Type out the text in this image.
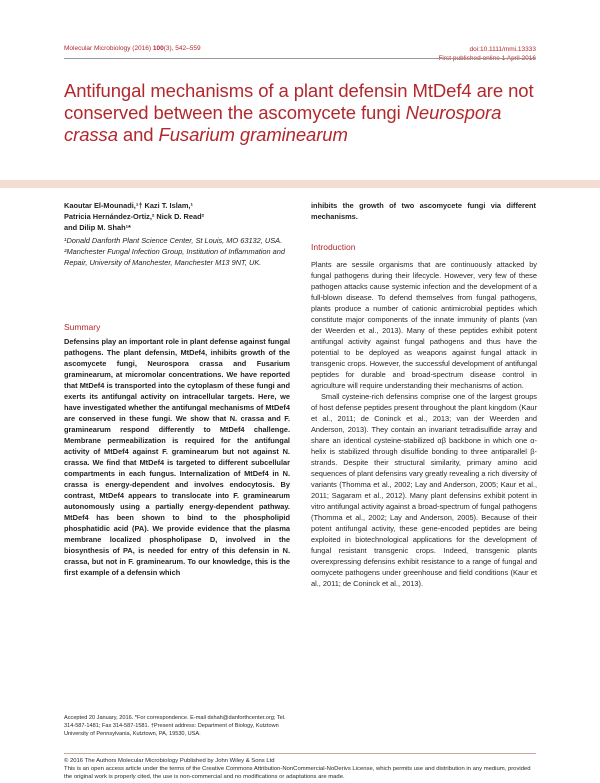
Molecular Microbiology (2016) 100(3), 542–559	doi:10.1111/mmi.13333
First published online 1 April 2016
Antifungal mechanisms of a plant defensin MtDef4 are not conserved between the ascomycete fungi Neurospora crassa and Fusarium graminearum
Kaoutar El-Mounadi,¹† Kazi T. Islam,¹
Patricia Hernández-Ortiz,² Nick D. Read²
and Dilip M. Shah¹*

¹Donald Danforth Plant Science Center, St Louis, MO 63132, USA.

²Manchester Fungal Infection Group, Institution of Inflammation and Repair, University of Manchester, Manchester M13 9NT, UK.

Summary
Defensins play an important role in plant defense against fungal pathogens. The plant defensin, MtDef4, inhibits growth of the ascomycete fungi, Neurospora crassa and Fusarium graminearum, at micromolar concentrations. We have reported that MtDef4 is transported into the cytoplasm of these fungi and exerts its antifungal activity on intracellular targets. Here, we have investigated whether the antifungal mechanisms of MtDef4 are conserved in these fungi. We show that N. crassa and F. graminearum respond differently to MtDef4 challenge. Membrane permeabilization is required for the antifungal activity of MtDef4 against F. graminearum but not against N. crassa. We find that MtDef4 is targeted to different subcellular compartments in each fungus. Internalization of MtDef4 in N. crassa is energy-dependent and involves endocytosis. By contrast, MtDef4 appears to translocate into F. graminearum autonomously using a partially energy-dependent pathway. MtDef4 has been shown to bind to the phospholipid phosphatidic acid (PA). We provide evidence that the plasma membrane localized phospholipase D, involved in the biosynthesis of PA, is needed for entry of this defensin in N. crassa, but not in F. graminearum. To our knowledge, this is the first example of a defensin which
inhibits the growth of two ascomycete fungi via different mechanisms.
Introduction

Plants are sessile organisms that are continuously attacked by fungal pathogens during their lifecycle. However, very few of these pathogen attacks cause systemic infection and the development of a full-blown disease. To defend themselves from fungal pathogens, plants produce a number of cationic antimicrobial peptides which constitute major components of the innate immunity of plants (van der Weerden et al., 2013). Many of these peptides exhibit potent antifungal activity against fungal pathogens and thus have the potential to be deployed as weapons against fungal attack in transgenic crops. However, the successful development of antifungal peptides for durable and broad-spectrum disease control in agriculture will require understanding their mechanisms of action.

Small cysteine-rich defensins comprise one of the largest groups of host defense peptides present throughout the plant kingdom (Kaur et al., 2011; de Coninck et al., 2013; van der Weerden and Anderson, 2013). They contain an invariant tetradisulfide array and share an identical cysteine-stabilized αβ backbone in which one α-helix is stabilized through disulfide bonding to three antiparallel β-strands. Despite their structural similarity, primary amino acid sequences of plant defensins vary greatly revealing a rich diversity of variants (Thomma et al., 2002; Lay and Anderson, 2005; Kaur et al., 2011; Sagaram et al., 2012). Many plant defensins exhibit potent in vitro antifungal activity against a broad-spectrum of fungal pathogens (Thomma et al., 2002; Lay and Anderson, 2005). Because of their potent antifungal activity, these gene-encoded peptides are being exploited in biotechnological applications for the development of fungal resistant transgenic crops. Indeed, transgenic plants overexpressing defensins exhibit resistance to a range of fungal and oomycete pathogens under greenhouse and field conditions (Kaur et al., 2011; de Coninck et al., 2013).

Accepted 20 January, 2016. *For correspondence. E-mail dshah@danforthcenter.org; Tel. 314-587-1481; Fax 314-587-1581. †Present address: Department of Biology, Kutztown University of Pennsylvania, Kutztown, PA, 19530, USA.

© 2016 The Authors Molecular Microbiology Published by John Wiley & Sons Ltd

This is an open access article under the terms of the Creative Commons Attribution-NonCommercial-NoDerivs License, which permits use and distribution in any medium, provided the original work is properly cited, the use is non-commercial and no modifications or adaptations are made.
